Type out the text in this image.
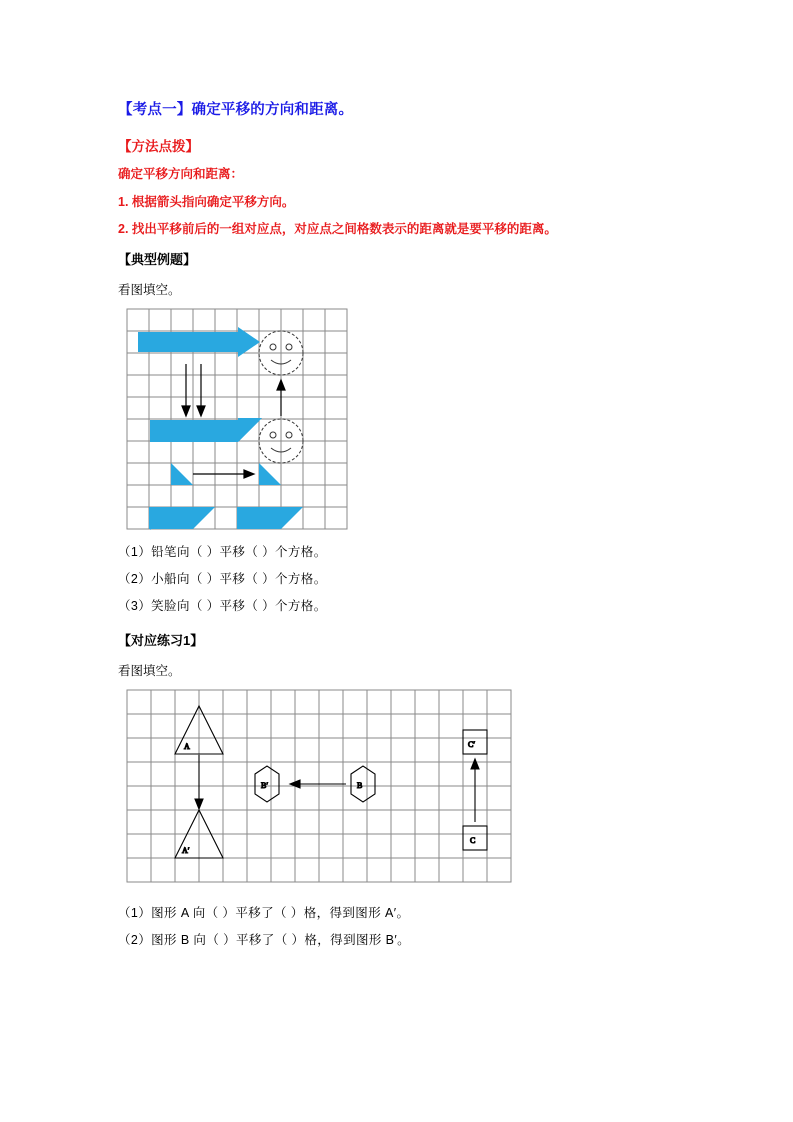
【考点一】确定平移的方向和距离。
【方法点拨】
确定平移方向和距离：
1. 根据箭头指向确定平移方向。
2. 找出平移前后的一组对应点，对应点之间格数表示的距离就是要平移的距离。
【典型例题】
看图填空。
（1）铅笔向（ ）平移（ ）个方格。
（2）小船向（ ）平移（ ）个方格。
（3）笑脸向（ ）平移（ ）个方格。
【对应练习1】
看图填空。
A
A′
B′	B
C′
C
（1）图形 A 向（ ）平移了（ ）格，得到图形 A′。
（2）图形 B 向（ ）平移了（ ）格，得到图形 B′。
